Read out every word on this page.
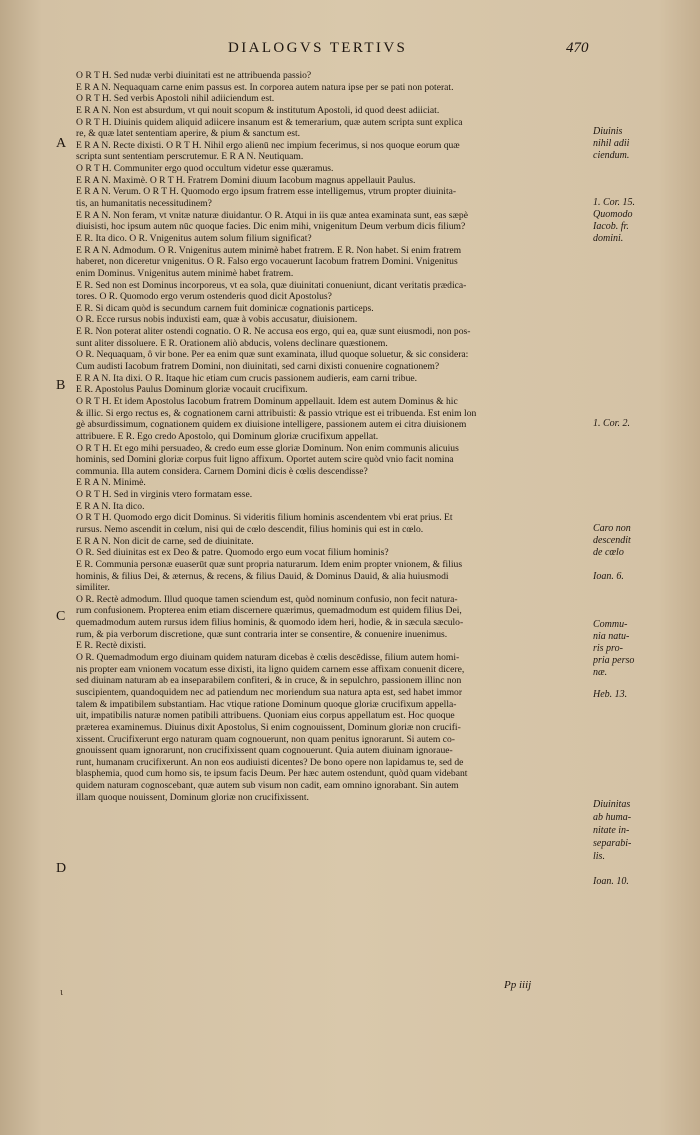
DIALOGVS TERTIVS	470
O R T H. Sed nudæ verbi diuinitati est ne attribuenda passio?
E R A N. Nequaquam carne enim passus est. In corporea autem natura ipse per se pati non poterat.
O R T H. Sed verbis Apostoli nihil adiiciendum est.
E R A N. Non est absurdum, vt qui nouit scopum & institutum Apostoli, id quod deest adiiciat.
O R T H. Diuinis quidem aliquid adiicere insanum est & temerarium, quæ autem scripta sunt explica
re, & quæ latet sententiam aperire, & pium & sanctum est.
E R A N. Recte dixisti. O R T H. Nihil ergo alienū nec impium fecerimus, si nos quoque eorum quæ
scripta sunt sententiam perscrutemur. E R A N. Neutiquam.
O R T H. Communiter ergo quod occultum videtur esse quæramus.
E R A N. Maximè. O R T H. Fratrem Domini diuum Iacobum magnus appellauit Paulus.
E R A N. Verum. O R T H. Quomodo ergo ipsum fratrem esse intelligemus, vtrum propter diuinita-
tis, an humanitatis necessitudinem?
E R A N. Non feram, vt vnitæ naturæ diuidantur. O R. Atqui in iis quæ antea examinata sunt, eas sæpè
diuisisti, hoc ipsum autem nūc quoque facies. Dic enim mihi, vnigenitum Deum verbum dicis filium?
E R. Ita dico. O R. Vnigenitus autem solum filium significat?
E R A N. Admodum. O R. Vnigenitus autem minimè habet fratrem. E R. Non habet. Si enim fratrem
haberet, non diceretur vnigenitus. O R. Falso ergo vocauerunt Iacobum fratrem Domini. Vnigenitus
enim Dominus. Vnigenitus autem minimè habet fratrem.
E R. Sed non est Dominus incorporeus, vt ea sola, quæ diuinitati conueniunt, dicant veritatis prædica-
tores. O R. Quomodo ergo verum ostenderis quod dicit Apostolus?
E R. Si dicam quòd is secundum carnem fuit dominicæ cognationis particeps.
O R. Ecce rursus nobis induxisti eam, quæ à vobis accusatur, diuisionem.
E R. Non poterat aliter ostendi cognatio. O R. Ne accusa eos ergo, qui ea, quæ sunt eiusmodi, non pos-
sunt aliter dissoluere. E R. Orationem aliò abducis, volens declinare quæstionem.
O R. Nequaquam, ô vir bone. Per ea enim quæ sunt examinata, illud quoque soluetur, & sic considera:
Cum audisti Iacobum fratrem Domini, non diuinitati, sed carni dixisti conuenire cognationem?
E R A N. Ita dixi. O R. Itaque hic etiam cum crucis passionem audieris, eam carni tribue.
E R. Apostolus Paulus Dominum gloriæ vocauit crucifixum.
O R T H. Et idem Apostolus Iacobum fratrem Dominum appellauit. Idem est autem Dominus & hic
& illic. Si ergo rectus es, & cognationem carni attribuisti: & passio vtrique est ei tribuenda. Est enim lon
gè absurdissimum, cognationem quidem ex diuisione intelligere, passionem autem ei citra diuisionem
attribuere. E R. Ego credo Apostolo, qui Dominum gloriæ crucifixum appellat.
O R T H. Et ego mihi persuadeo, & credo eum esse gloriæ Dominum. Non enim communis alicuius
hominis, sed Domini gloriæ corpus fuit ligno affixum. Oportet autem scire quòd vnio facit nomina
communia. Illa autem considera. Carnem Domini dicis è cœlis descendisse?
E R A N. Minimè.
O R T H. Sed in virginis vtero formatam esse.
E R A N. Ita dico.
O R T H. Quomodo ergo dicit Dominus. Si videritis filium hominis ascendentem vbi erat prius. Et
rursus. Nemo ascendit in cœlum, nisi qui de cœlo descendit, filius hominis qui est in cœlo.
E R A N. Non dicit de carne, sed de diuinitate.
O R. Sed diuinitas est ex Deo & patre. Quomodo ergo eum vocat filium hominis?
E R. Communia personæ euaserūt quæ sunt propria naturarum. Idem enim propter vnionem, & filius
hominis, & filius Dei, & æternus, & recens, & filius Dauid, & Dominus Dauid, & alia huiusmodi
similiter.
O R. Rectè admodum. Illud quoque tamen sciendum est, quòd nominum confusio, non fecit natura-
rum confusionem. Propterea enim etiam discernere quærimus, quemadmodum est quidem filius Dei,
quemadmodum autem rursus idem filius hominis, & quomodo idem heri, hodie, & in sæcula sæculo-
rum, & pia verborum discretione, quæ sunt contraria inter se consentire, & conuenire inuenimus.
E R. Rectè dixisti.
O R. Quemadmodum ergo diuinam quidem naturam dicebas è cœlis descēdisse, filium autem homi-
nis propter eam vnionem vocatum esse dixisti, ita ligno quidem carnem esse affixam conuenit dicere,
sed diuinam naturam ab ea inseparabilem confiteri, & in cruce, & in sepulchro, passionem illinc non
suscipientem, quandoquidem nec ad patiendum nec moriendum sua natura apta est, sed habet immor
talem & impatibilem substantiam. Hac vtique ratione Dominum quoque gloriæ crucifixum appella-
uit, impatibilis naturæ nomen patibili attribuens. Quoniam eius corpus appellatum est. Hoc quoque
præterea examinemus. Diuinus dixit Apostolus, Si enim cognouissent, Dominum gloriæ non crucifi-
xissent. Crucifixerunt ergo naturam quam cognouerunt, non quam penitus ignorarunt. Si autem co-
gnouissent quam ignorarunt, non crucifixissent quam cognouerunt. Quia autem diuinam ignoraue-
runt, humanam crucifixerunt. An non eos audiuisti dicentes? De bono opere non lapidamus te, sed de
blasphemia, quod cum homo sis, te ipsum facis Deum. Per hæc autem ostendunt, quòd quam videbant
quidem naturam cognoscebant, quæ autem sub visum non cadit, eam omnino ignorabant. Sin autem
illam quoque nouissent, Dominum gloriæ non crucifixissent.
Diuinis
nihil adii
ciendum.
1. Cor. 15.
Quomodo
Iacob. fr.
domini.
1. Cor. 2.
Caro non
descendit
de cœlo
Ioan. 6.
Commu-
nia natu-
ris pro-
pria perso
næ.
Heb. 13.
Diuinitas
ab huma-
nitate in-
separabi-
lis.
Ioan. 10.
A
B
C
D
Pp iiij
ɩ
